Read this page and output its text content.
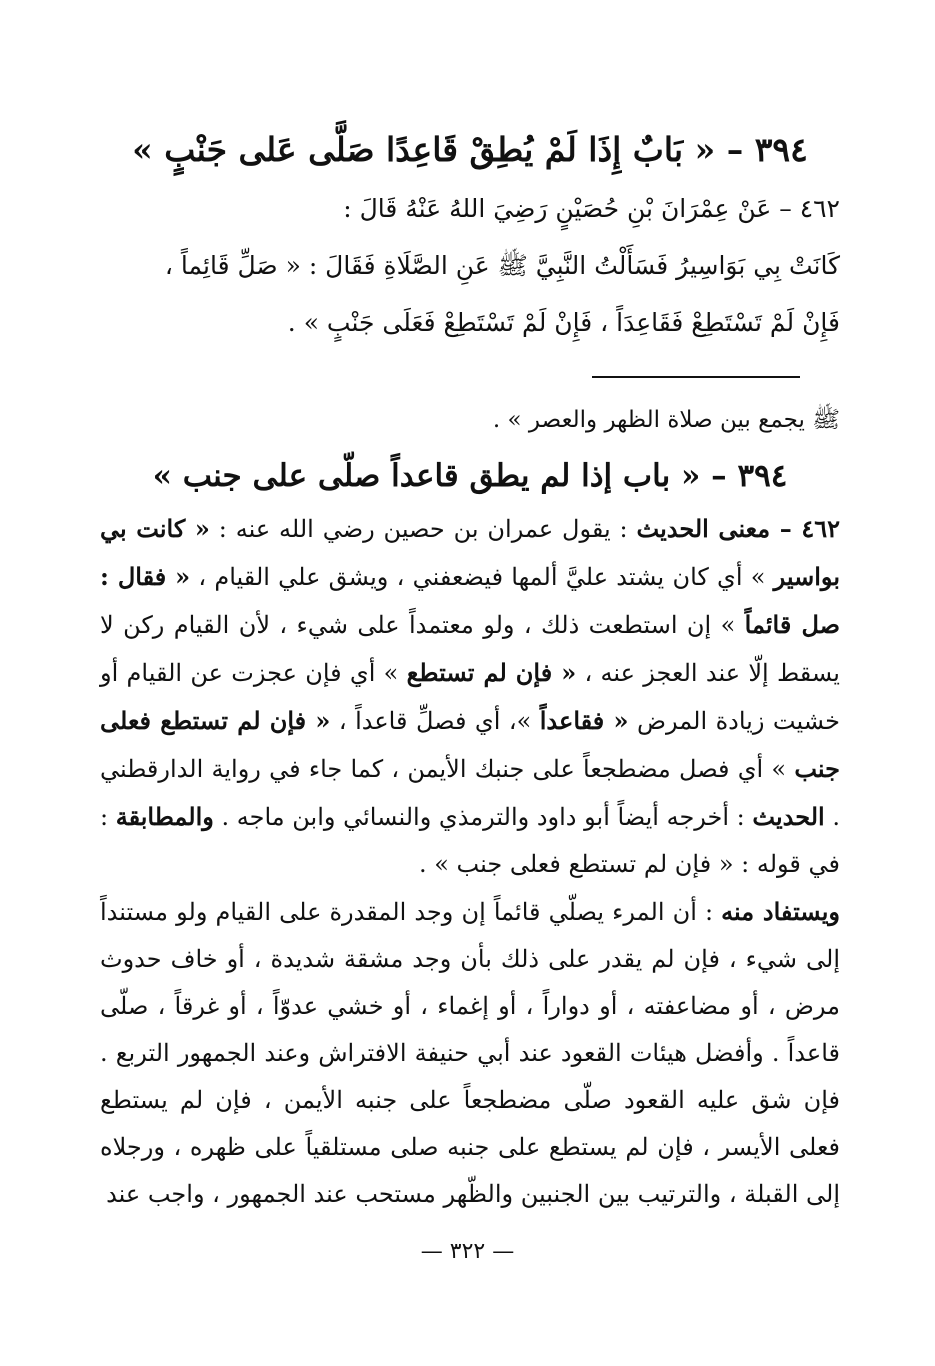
٣٩٤ – « بَابٌ إِذَا لَمْ يُطِقْ قَاعِدًا صَلَّى عَلى جَنْبٍ »

٤٦٢ – عَنْ عِمْرَانَ بْنِ حُصَيْنٍ رَضِيَ اللهُ عَنْهُ قَالَ :

كَانَتْ بِي بَوَاسِيرُ فَسَأَلْتُ النَّبِيَّ ﷺ عَنِ الصَّلَاةِ فَقَالَ : « صَلِّ قَائِماً ،

فَإِنْ لَمْ تَسْتَطِعْ فَقَاعِدَاً ، فَإِنْ لَمْ تَسْتَطِعْ فَعَلَى جَنْبٍ » .

ﷺ يجمع بين صلاة الظهر والعصر » .

٣٩٤ – « باب إذا لم يطق قاعداً صلّى على جنب »

٤٦٢ – معنى الحديث : يقول عمران بن حصين رضي الله عنه : « كانت بي بواسير » أي كان يشتد عليَّ ألمها فيضعفني ، ويشق علي القيام ، « فقال : صل قائماً » إن استطعت ذلك ، ولو معتمداً على شيء ، لأن القيام ركن لا يسقط إلّا عند العجز عنه ، « فإن لم تستطع » أي فإن عجزت عن القيام أو خشيت زيادة المرض « فقاعداً »، أي فصلِّ قاعداً ، « فإن لم تستطع فعلى جنب » أي فصل مضطجعاً على جنبك الأيمن ، كما جاء في رواية الدارقطني . الحديث : أخرجه أيضاً أبو داود والترمذي والنسائي وابن ماجه . والمطابقة : في قوله : « فإن لم تستطع فعلى جنب » .

ويستفاد منه : أن المرء يصلّي قائماً إن وجد المقدرة على القيام ولو مستنداً إلى شيء ، فإن لم يقدر على ذلك بأن وجد مشقة شديدة ، أو خاف حدوث مرض ، أو مضاعفته ، أو دواراً ، أو إغماء ، أو خشي عدوّاً ، أو غرقاً ، صلّى قاعداً . وأفضل هيئات القعود عند أبي حنيفة الافتراش وعند الجمهور التربع . فإن شق عليه القعود صلّى مضطجعاً على جنبه الأيمن ، فإن لم يستطع فعلى الأيسر ، فإن لم يستطع على جنبه صلى مستلقياً على ظهره ، ورجلاه إلى القبلة ، والترتيب بين الجنبين والظّهر مستحب عند الجمهور ، واجب عند

— ٣٢٢ —
